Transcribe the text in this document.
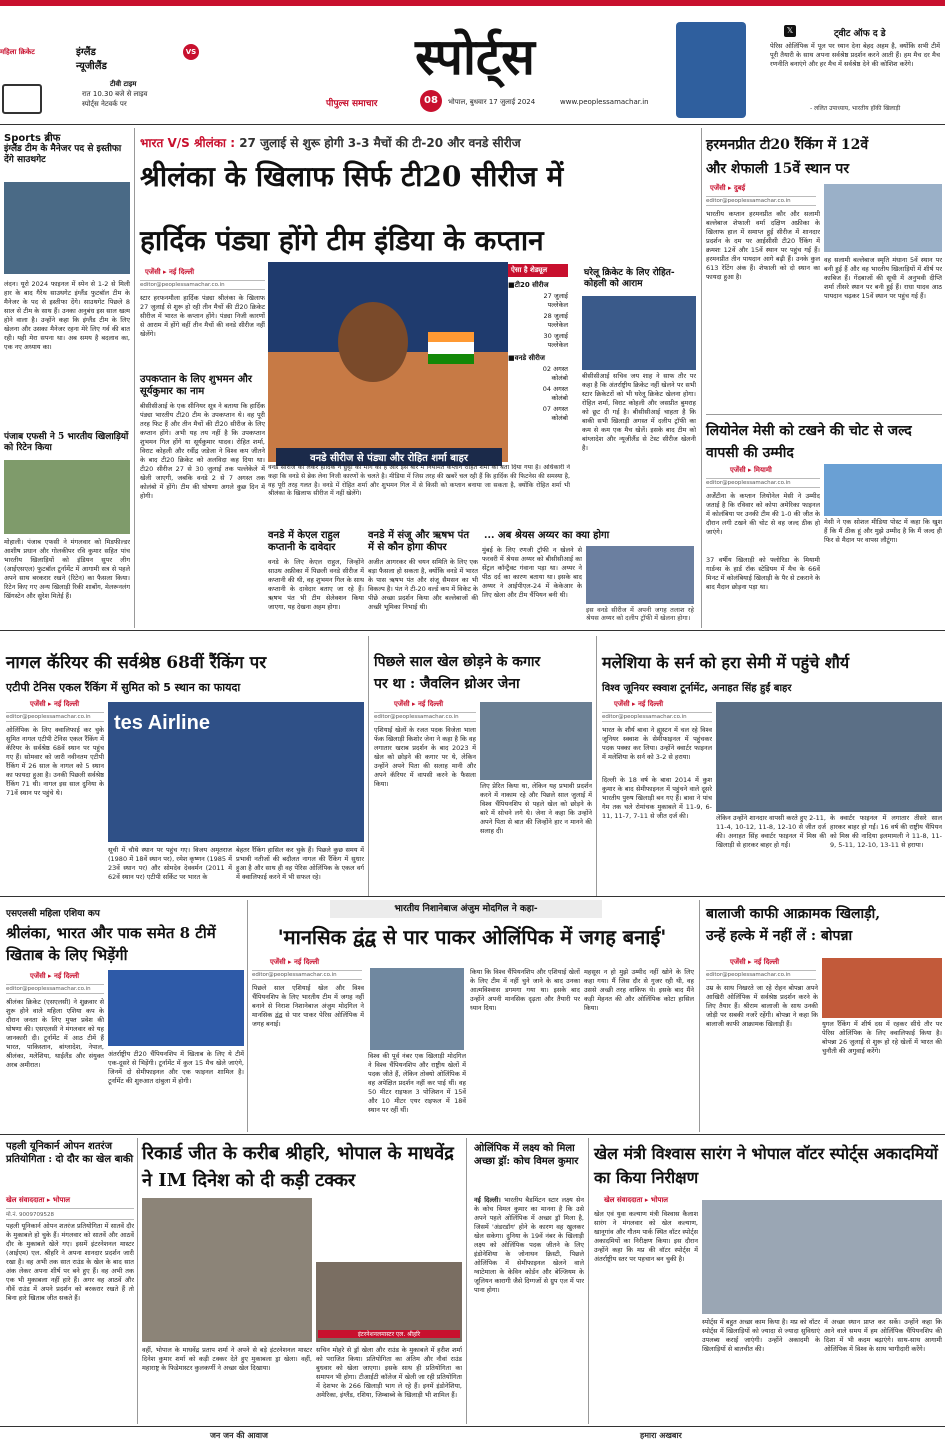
महिला क्रिकेट	इंग्लैंड	VS
न्यूजीलैंड
टीवी टाइम
रात 10.30 बजे से लाइव
स्पोर्ट्स नेटवर्क पर
स्पोर्ट्स
पीपुल्स समाचार	08	भोपाल, बुधवार 17 जुलाई 2024	www.peoplessamachar.in
𝕏	ट्वीट ऑफ द डे
पेरिस ओलिंपिक में पूल पर ध्यान देना बेहद अहम है, क्योंकि सभी टीमें पूरी तैयारी के साथ अपना सर्वश्रेष्ठ प्रदर्शन करने आती हैं। हम मैच दर मैच रणनीति बनाएंगे और हर मैच में सर्वश्रेष्ठ देने की कोशिश करेंगे।
- ललित उपाध्याय, भारतीय हॉकी खिलाड़ी
Sports ब्रीफ
इंग्लैंड टीम के मैनेजर पद से इस्तीफा देंगे साउथगेट
लंदन। यूरो 2024 फाइनल में स्पेन से 1-2 से मिली हार के बाद गैरेथ साउथगेट इंग्लैंड फुटबॉल टीम के मैनेजर के पद से इस्तीफा देंगे। साउथगेट पिछले 8 साल से टीम के साथ हैं। उनका अनुबंध इस साल खत्म होने वाला है। उन्होंने कहा कि इंग्लैंड टीम के लिए खेलना और उसका मैनेजर रहना मेरे लिए गर्व की बात रही। यही मेरा सपना था। अब समय है बदलाव का, एक नए अध्याय का।
पंजाब एफसी ने 5 भारतीय खिलाड़ियों को रिटेन किया
मोहाली। पंजाब एफसी ने मंगलवार को मिडफील्डर आशीष प्रधान और गोलकीपर रवि कुमार सहित पांच भारतीय खिलाड़ियों को इंडियन सुपर लीग (आईएसएल) फुटबॉल टूर्नामेंट में आगामी सत्र से पहले अपने साथ बरकरार रखने (रिटेन) का फैसला किया। रिटेन किए गए अन्य खिलाड़ी रिकी शाबोंग, मेलरूनलंग खिंगस्टेन और सुरेश मितेई हैं।
भारत V/S श्रीलंका : 27 जुलाई से शुरू होगी 3-3 मैचों की टी-20 और वनडे सीरीज
श्रीलंका के खिलाफ सिर्फ टी20 सीरीज में
हार्दिक पंड्या होंगे टीम इंडिया के कप्तान
एजेंसी ▸ नई दिल्ली
editor@peoplessamachar.co.in
स्टार हरफनमौला हार्दिक पंड्या श्रीलंका के खिलाफ 27 जुलाई से शुरू हो रही तीन मैचों की टी20 क्रिकेट सीरीज में भारत के कप्तान होंगे। पंड्या निजी कारणों से आराम में होंगे वहीं तीन मैचों की वनडे सीरीज नहीं खेलेंगे।
उपकप्तान के लिए शुभमन और सूर्यकुमार का नाम
बीसीसीआई के एक सीनियर सूत्र ने बताया कि हार्दिक पंड्या भारतीय टी20 टीम के उपकप्तान थे। वह पूरी तरह फिट हैं और तीन मैचों की टी20 सीरीज के लिए कप्तान होंगे। अभी यह तय नहीं है कि उपकप्तान शुभमन गिल होंगे या सूर्यकुमार यादव। रोहित शर्मा, विराट कोहली और रवींद्र जडेजा ने विश्व कप जीतने के बाद टी20 क्रिकेट को अलविदा कह दिया था। टी20 सीरीज 27 से 30 जुलाई तक पल्लेकेले में खेली जाएगी, जबकि वनडे 2 से 7 अगस्त तक कोलंबो में होंगे। टीम की घोषणा अगले कुछ दिन में होगी।
वनडे सीरीज से पंड्या और रोहित शर्मा बाहर
ऐसा है शेड्यूल
■टी20 सीरीज
27 जुलाई
पल्लेकेल
28 जुलाई
पल्लेकेल
30 जुलाई
पल्लेकेल
■वनडे सीरीज
02 अगस्त
कोलंबो
04 अगस्त
कोलंबो
07 अगस्त
कोलंबो
वनडे सीरीज को लेकर हार्दिक ने छुट्टी की मांग की है और इस बारे में नियमित कप्तान रोहित शर्मा को बता दिया गया है। अधिकारी ने कहा कि वनडे से ब्रेक लेना निजी कारणों के चलते है। मीडिया में जिस तरह की खबरें चल रही हैं कि हार्दिक की फिटनेस की समस्या है, वह पूरी तरह गलत है। वनडे में रोहित शर्मा और शुभमन गिल में से किसी को कप्तान बनाया जा सकता है, क्योंकि रोहित शर्मा भी श्रीलंका के खिलाफ सीरीज में नहीं खेलेंगे।
वनडे में केएल राहुल कप्तानी के दावेदार
वनडे के लिए केएल राहुल, जिन्होंने साउथ अफ्रीका में पिछली वनडे सीरीज में कप्तानी की थी, वह शुभमन गिल के साथ कप्तानी के दावेदार बताए जा रहे हैं। ऋषभ पंत भी टीम सेलेक्शन किया जाएगा, यह देखना अहम होगा।
वनडे में संजू और ऋषभ पंत में से कौन होगा कीपर
अजीत आगरकर की चयन समिति के लिए एक बड़ा फैसला हो सकता है, क्योंकि वनडे में भारत के पास ऋषभ पंत और संजू सैमसन का भी विकल्प है। पंत ने टी-20 वर्ल्ड कप में विकेट के पीछे अच्छा प्रदर्शन किया और बल्लेबाजों की अच्छी भूमिका निभाई थी।
घरेलू क्रिकेट के लिए रोहित-कोहली को आराम
बीसीसीआई सचिव जय शाह ने साफ तौर पर कहा है कि अंतर्राष्ट्रीय क्रिकेट नहीं खेलने पर सभी स्टार क्रिकेटरों को भी घरेलू क्रिकेट खेलना होगा। रोहित शर्मा, विराट कोहली और जसप्रीत बुमराह को छूट दी गई है। बीसीसीआई चाहता है कि बाकी सभी खिलाड़ी अगस्त में दलीप ट्रॉफी का कम से कम एक मैच खेलें। इसके बाद टीम को बांग्लादेश और न्यूजीलैंड से टेस्ट सीरीज खेलनी है।
... अब श्रेयस अय्यर का क्या होगा
मुंबई के लिए रणजी ट्रॉफी न खेलने से फरवरी में श्रेयस अय्यर को बीसीसीआई का सेंट्रल कॉन्ट्रैक्ट गंवाना पड़ा था। अय्यर ने पीठ दर्द का कारण बताया था। इसके बाद अय्यर ने आईपीएल-24 में केकेआर के लिए खेला और टीम चैंपियन बनी थी।
इस वनडे सीरीज में अपनी जगह तलाश रहे श्रेयस अय्यर को दलीप ट्रॉफी में खेलना होगा।
हरमनप्रीत टी20 रैंकिंग में 12वें
और शेफाली 15वें स्थान पर
एजेंसी ▸ दुबई
editor@peoplessamachar.co.in
भारतीय कप्तान हरमनप्रीत कौर और सलामी बल्लेबाज शेफाली वर्मा दक्षिण अफ्रीका के खिलाफ हाल में समाप्त हुई सीरीज में शानदार प्रदर्शन के दम पर आईसीसी टी20 रैंकिंग में क्रमशः 12वें और 15वें स्थान पर पहुंच गई हैं। हरमनप्रीत तीन पायदान आगे बढ़ी हैं। उनके कुल 613 रेटिंग अंक हैं। शेफाली को दो स्थान का फायदा हुआ है।
वह सलामी बल्लेबाज स्मृति मंधाना 5वें स्थान पर बनी हुई हैं और वह भारतीय खिलाड़ियों में शीर्ष पर काबिज हैं। गेंदबाजों की सूची में अनुभवी दीप्ति शर्मा तीसरे स्थान पर बनी हुई हैं। राधा यादव आठ पायदान चढ़कर 15वें स्थान पर पहुंच गई हैं।
लियोनेल मेसी को टखने की चोट से जल्द वापसी की उम्मीद
एजेंसी ▸ मियामी
editor@peoplessamachar.co.in
अर्जेंटीना के कप्तान लियोनेल मेसी ने उम्मीद जताई है कि रविवार को कोपा अमेरिका फाइनल में कोलंबिया पर उनकी टीम की 1-0 की जीत के दौरान लगी टखने की चोट से वह जल्द ठीक हो जाएंगे।
37 वर्षीय खिलाड़ी को फ्लोरिडा के मियामी गार्डन्स के हार्ड रॉक स्टेडियम में मैच के 66वें मिनट में कोलंबियाई खिलाड़ी के पैर से टकराने के बाद मैदान छोड़ना पड़ा था।
मेसी ने एक सोशल मीडिया पोस्ट में कहा कि खुश हैं कि मैं ठीक हूं और मुझे उम्मीद है कि मैं जल्द ही फिर से मैदान पर वापस लौटूंगा।
नागल कॅरियर की सर्वश्रेष्ठ 68वीं रैंकिंग पर
एटीपी टेनिस एकल रैंकिंग में सुमित को 5 स्थान का फायदा
एजेंसी ▸ नई दिल्ली
editor@peoplessamachar.co.in
ओलिंपिक के लिए क्वालिफाई कर चुके सुमित नागल एटीपी टेनिस एकल रैंकिंग में कॅरियर के सर्वश्रेष्ठ 68वें स्थान पर पहुंच गए हैं। सोमवार को जारी नवीनतम एटीपी रैंकिंग में 26 साल के नागल को 5 स्थान का फायदा हुआ है। उनकी पिछली सर्वश्रेष्ठ रैंकिंग 71 थी। नागल इस साल दुनिया के 71वें स्थान पर पहुंचे थे।
tes Airline
सूची में चौथे स्थान पर पहुंच गए। विजय अमृतराज (1980 में 18वें स्थान पर), रमेश कृष्णन (1985 में 23वें स्थान पर) और सोमदेव देववर्मन (2011 में 62वें स्थान पर) एटीपी सर्किट पर भारत के
बेहतर रैंकिंग हासिल कर चुके हैं। पिछले कुछ समय में प्रभावी नतीजों की बदौलत नागल की रैंकिंग में सुधार हुआ है और साथ ही वह पेरिस ओलिंपिक के एकल वर्ग में क्वालिफाई करने में भी सफल रहे।
पिछले साल खेल छोड़ने के कगार
पर था : जैवलिन थ्रोअर जेना
एजेंसी ▸ नई दिल्ली
editor@peoplessamachar.co.in
एशियाई खेलों के रजत पदक विजेता भाला फेंक खिलाड़ी किशोर जेना ने कहा है कि वह लगातार खराब प्रदर्शन के बाद 2023 में खेल को छोड़ने की कगार पर थे, लेकिन उन्होंने अपने पिता की सलाह मानी और अपने कॅरियर में वापसी करने के फैसला किया।	लिए प्रेरित किया था, लेकिन यह प्रभावी प्रदर्शन करने में नाकाम रहे और पिछले साल जुलाई में विश्व चैंपियनशिप से पहले खेल को छोड़ने के बारे में सोचने लगे थे। जेना ने कहा कि उन्होंने अपने पिता से बात की जिन्होंने हार न मानने की सलाह दी।
मलेशिया के सर्न को हरा सेमी में पहुंचे शौर्य
विश्व जूनियर स्क्वाश टूर्नामेंट, अनाहत सिंह हुईं बाहर
एजेंसी ▸ नई दिल्ली
editor@peoplessamachar.co.in
भारत के शौर्य बावा ने ह्यूस्टन में चल रहे विश्व जूनियर स्क्वाश के सेमीफाइनल में पहुंचकर पदक पक्का कर लिया। उन्होंने क्वार्टर फाइनल में मलेशिया के सर्न को 3-2 से हराया।
दिल्ली के 18 वर्ष के बावा 2014 में कुश कुमार के बाद सेमीफाइनल में पहुंचने वाले दूसरे भारतीय पुरुष खिलाड़ी बन गए हैं। बावा ने पांच गेम तक चले रोमांचक मुकाबले में 11-9, 6-11, 11-7, 7-11 से जीत दर्ज की।	लेकिन उन्होंने शानदार वापसी करते हुए 2-11, 11-4, 10-12, 11-8, 12-10 से जीत दर्ज की। अनाहत सिंह क्वार्टर फाइनल में मिस्र की खिलाड़ी से हारकर बाहर हो गईं।
के क्वार्टर फाइनल में लगातार तीसरे साल हारकर बाहर हो गईं। 16 वर्ष की राष्ट्रीय चैंपियन को मिस्र की नादिया इलमामली ने 11-8, 11-9, 5-11, 12-10, 13-11 से हराया।
एसएलसी महिला एशिया कप
श्रीलंका, भारत और पाक समेत 8 टीमें खिताब के लिए भिड़ेंगी
एजेंसी ▸ नई दिल्ली
editor@peoplessamachar.co.in
श्रीलंका क्रिकेट (एसएलसी) ने शुक्रवार से शुरू होने वाले महिला एशिया कप के दौरान जनता के लिए मुफ्त प्रवेश की घोषणा की। एसएलसी ने मंगलवार को यह जानकारी दी। टूर्नामेंट में आठ टीमें हैं भारत, पाकिस्तान, बांग्लादेश, नेपाल, श्रीलंका, मलेशिया, थाईलैंड और संयुक्त अरब अमीरात।
अंतर्राष्ट्रीय टी20 चैंपियनशिप में खिताब के लिए ये टीमें एक-दूसरे से भिड़ेंगी। टूर्नामेंट में कुल 15 मैच खेले जाएंगे, जिनमें दो सेमीफाइनल और एक फाइनल शामिल है। टूर्नामेंट की शुरुआत दांबुला में होगी।
भारतीय निशानेबाज अंजुम मोदगिल ने कहा-
'मानसिक द्वंद्व से पार पाकर ओलिंपिक में जगह बनाई'
एजेंसी ▸ नई दिल्ली
editor@peoplessamachar.co.in
पिछले साल एशियाई खेल और विश्व चैंपियनशिप के लिए भारतीय टीम में जगह नहीं बनाने से निराश निशानेबाज अंजुम मोदगिल ने मानसिक द्वंद्व से पार पाकर पेरिस ओलिंपिक में जगह बनाई।
विश्व की पूर्व नंबर एक खिलाड़ी मोदगिल ने विश्व चैंपियनशिप और राष्ट्रीय खेलों में पदक जीते हैं, लेकिन तोक्यो ओलिंपिक में वह अपेक्षित प्रदर्शन नहीं कर पाई थीं। वह 50 मीटर राइफल 3 पोजिशन में 15वें और 10 मीटर एयर राइफल में 18वें स्थान पर रहीं थीं।
किया कि विश्व चैंपियनशिप और एशियाई खेलों के लिए टीम में नहीं चुने जाने के बाद उनका आत्मविश्वास डगमगा गया था। इसके बाद उन्होंने अपनी मानसिक दृढ़ता और तैयारी पर ध्यान दिया।
महसूस न हो मुझे उम्मीद नहीं खोने के लिए कहा गया। मैं जिस दौर से गुजर रही थी, वह उससे अच्छी तरह वाकिफ थे। इसके बाद मैंने कड़ी मेहनत की और ओलिंपिक कोटा हासिल किया।
बालाजी काफी आक्रामक खिलाड़ी,
उन्हें हल्के में नहीं लें : बोपन्ना
एजेंसी ▸ नई दिल्ली
editor@peoplessamachar.co.in
उम्र के साथ निखरते जा रहे रोहन बोपन्ना अपने आखिरी ओलिंपिक में सर्वश्रेष्ठ प्रदर्शन करने के लिए तैयार हैं। श्रीराम बालाजी के साथ उनकी जोड़ी पर सबकी नजरें रहेंगी। बोपन्ना ने कहा कि बालाजी काफी आक्रामक खिलाड़ी हैं।	युगल रैंकिंग में शीर्ष दस में रहकर सीधे तौर पर पेरिस ओलिंपिक के लिए क्वालिफाई किया है। बोपन्ना 26 जुलाई से शुरू हो रहे खेलों में भारत की चुनौती की अगुवाई करेंगे।
पहली यूनिकार्न ओपन शतरंज प्रतियोगिता : दो दौर का खेल बाकी
खेल संवाददाता ▸ भोपाल
मो.नं. 9009709528
पहली यूनिकार्न ओपन शतरंज प्रतियोगिता में सातवें दौर के मुकाबले हो चुके हैं। मंगलवार को सातवें और आठवें दौर के मुकाबले खेले गए। इसमें इंटरनेशनल मास्टर (आईएम) एल. श्रीहरि ने अपना शानदार प्रदर्शन जारी रखा है। वह अभी तक सात राउंड के खेल के बाद सात अंक लेकर अपना शीर्ष पर बने हुए हैं। वह अभी तक एक भी मुकाबला नहीं हारे हैं। अगर वह आठवें और नौवें राउंड में अपने प्रदर्शन को बरकरार रखते हैं तो बिना हारे खिताब जीत सकते हैं।
रिकार्ड जीत के करीब श्रीहरि, भोपाल के माधवेंद्र ने IM दिनेश को दी कड़ी टक्कर
इंटरनेशनलमास्टर एल. श्रीहरि
वहीं, भोपाल के माधवेंद्र प्रताप शर्मा ने अपने से बड़े इंटरनेशनल मास्टर दिनेश कुमार शर्मा को कड़ी टक्कर देते हुए मुकाबला ड्रा खेला। वहीं, महाराष्ट्र के फिडेमास्टर कुलकर्णी ने अच्छा खेल दिखाया।
सचिन मोहरे से ड्रॉ खेला और राउंड के मुकाबले में हरीश शर्मा को पराजित किया। प्रतियोगिता का अंतिम और नौवां राउंड बुधवार को खेला जाएगा। इसके साथ ही प्रतियोगिता का समापन भी होगा। टीआईटी कॉलेज में खेली जा रही प्रतियोगिता में देशभर के 266 खिलाड़ी भाग ले रहे हैं। इनमें इंडोनेशिया, अमेरिका, इंग्लैंड, रशिया, जिम्बाब्वे के खिलाड़ी भी शामिल हैं।
ओलिंपिक में लक्ष्य को मिला अच्छा ड्रॉ: कोच विमल कुमार
नई दिल्ली। भारतीय बैडमिंटन स्टार लक्ष्य सेन के कोच विमल कुमार का मानना है कि उसे अपने पहले ओलिंपिक में अच्छा ड्रॉ मिला है, जिसमें 'अंडरडॉग' होने के कारण वह खुलकर खेल सकेगा। दुनिया के 19वें नंबर के खिलाड़ी लक्ष्य को ओलिंपिक पदक जीतने के लिए इंडोनेशिया के जोनाथन क्रिस्टी, पिछले ओलिंपिक में सेमीफाइनल खेलने वाले ग्वाटेमाला के केविन कोर्डन और बेल्जियम के जूलियन कारागी जैसे दिग्गजों से ग्रुप एल में पार पाना होगा।
खेल मंत्री विश्वास सारंग ने भोपाल वॉटर स्पोर्ट्स अकादमियों का किया निरीक्षण
खेल संवाददाता ▸ भोपाल
खेल एवं युवा कल्याण मंत्री विश्वास कैलाश सारंग ने मंगलवार को खेल कल्याण, खानूगांव और गौतम पार्क स्थित वॉटर स्पोर्ट्स अकादमियों का निरीक्षण किया। इस दौरान उन्होंने कहा कि मप्र की वॉटर स्पोर्ट्स में अंतर्राष्ट्रीय स्तर पर पहचान बन चुकी है।
स्पोर्ट्स में बहुत अच्छा काम किया है। मप्र को वॉटर स्पोर्ट्स में खिलाड़ियों को ज्यादा से ज्यादा सुविधाएं उपलब्ध कराई जाएंगी। उन्होंने अकादमी के खिलाड़ियों से बातचीत की।
में अच्छा स्थान प्राप्त कर सकें। उन्होंने कहा कि आने वाले समय में हम ओलिंपिक चैंपियनशिप की दिशा में भी कदम बढ़ाएंगे। साथ-साथ आगामी ओलिंपिक में विश्व के साथ भागीदारी करेंगे।
जन जन की आवाज	हमारा अखबार
